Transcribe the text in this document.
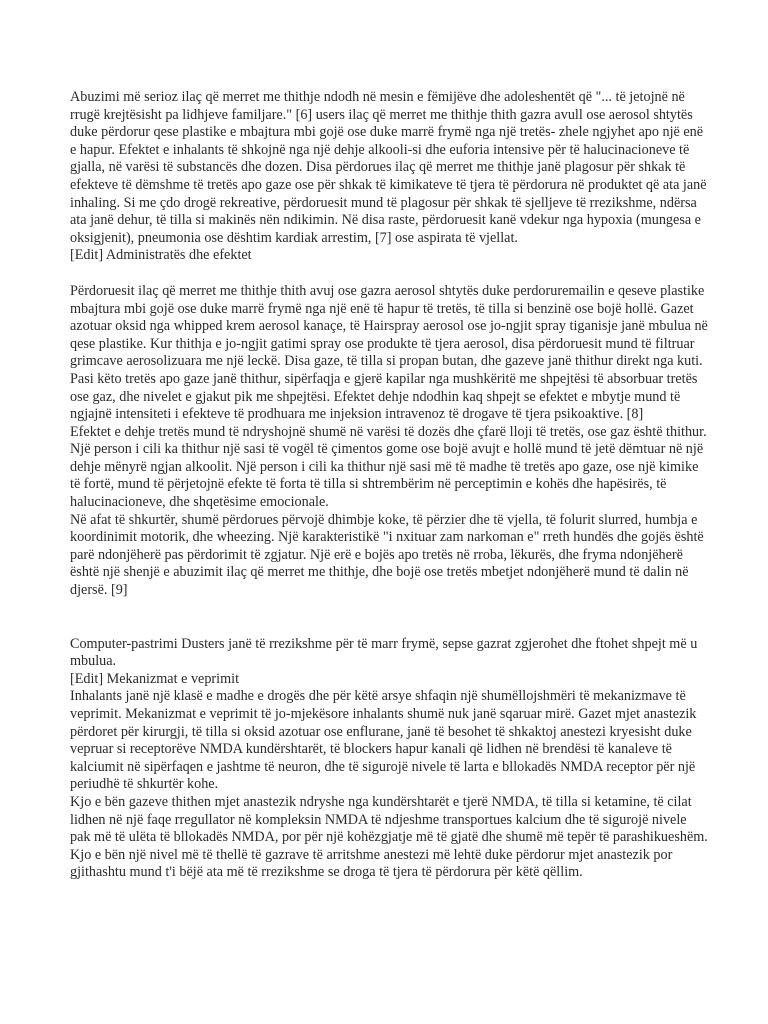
Abuzimi më serioz ilaç që merret me thithje ndodh në mesin e fëmijëve dhe adoleshentët që "... të jetojnë në rrugë krejtësisht pa lidhjeve familjare." [6] users ilaç që merret me thithje thith gazra avull ose aerosol shtytës duke përdorur qese plastike e mbajtura mbi gojë ose duke marrë frymë nga një tretës- zhele ngjyhet apo një enë e hapur. Efektet e inhalants të shkojnë nga një dehje alkooli-si dhe euforia intensive për të halucinacioneve të gjalla, në varësi të substancës dhe dozen. Disa përdorues ilaç që merret me thithje janë plagosur për shkak të efekteve të dëmshme të tretës apo gaze ose për shkak të kimikateve të tjera të përdorura në produktet që ata janë inhaling. Si me çdo drogë rekreative, përdoruesit mund të plagosur për shkak të sjelljeve të rrezikshme, ndërsa ata janë dehur, të tilla si makinës nën ndikimin. Në disa raste, përdoruesit kanë vdekur nga hypoxia (mungesa e oksigjenit), pneumonia ose dështim kardiak arrestim, [7] ose aspirata të vjellat.

[Edit] Administratës dhe efektet

Përdoruesit ilaç që merret me thithje thith avuj ose gazra aerosol shtytës duke perdoruremailin e qeseve plastike mbajtura mbi gojë ose duke marrë frymë nga një enë të hapur të tretës, të tilla si benzinë ose bojë hollë. Gazet azotuar oksid nga whipped krem aerosol kanaçe, të Hairspray aerosol ose jo-ngjit spray tiganisje janë mbulua në qese plastike. Kur thithja e jo-ngjit gatimi spray ose produkte të tjera aerosol, disa përdoruesit mund të filtruar grimcave aerosolizuara me një leckë. Disa gaze, të tilla si propan butan, dhe gazeve janë thithur direkt nga kuti. Pasi këto tretës apo gaze janë thithur, sipërfaqja e gjerë kapilar nga mushkëritë me shpejtësi të absorbuar tretës ose gaz, dhe nivelet e gjakut pik me shpejtësi. Efektet dehje ndodhin kaq shpejt se efektet e mbytje mund të ngjajnë intensiteti i efekteve të prodhuara me injeksion intravenoz të drogave të tjera psikoaktive. [8]

Efektet e dehje tretës mund të ndryshojnë shumë në varësi të dozës dhe çfarë lloji të tretës, ose gaz është thithur. Një person i cili ka thithur një sasi të vogël të çimentos gome ose bojë avujt e hollë mund të jetë dëmtuar në një dehje mënyrë ngjan alkoolit. Një person i cili ka thithur një sasi më të madhe të tretës apo gaze, ose një kimike të fortë, mund të përjetojnë efekte të forta të tilla si shtrembërim në perceptimin e kohës dhe hapësirës, të halucinacioneve, dhe shqetësime emocionale.

Në afat të shkurtër, shumë përdorues përvojë dhimbje koke, të përzier dhe të vjella, të folurit slurred, humbja e koordinimit motorik, dhe wheezing. Një karakteristikë "i nxituar zam narkoman e" rreth hundës dhe gojës është parë ndonjëherë pas përdorimit të zgjatur. Një erë e bojës apo tretës në rroba, lëkurës, dhe fryma ndonjëherë është një shenjë e abuzimit ilaç që merret me thithje, dhe bojë ose tretës mbetjet ndonjëherë mund të dalin në djersë. [9]

Computer-pastrimi Dusters janë të rrezikshme për të marr frymë, sepse gazrat zgjerohet dhe ftohet shpejt më u mbulua.

[Edit] Mekanizmat e veprimit

Inhalants janë një klasë e madhe e drogës dhe për këtë arsye shfaqin një shumëllojshmëri të mekanizmave të veprimit. Mekanizmat e veprimit të jo-mjekësore inhalants shumë nuk janë sqaruar mirë. Gazet mjet anastezik përdoret për kirurgji, të tilla si oksid azotuar ose enflurane, janë të besohet të shkaktoj anestezi kryesisht duke vepruar si receptorëve NMDA kundërshtarët, të blockers hapur kanali që lidhen në brendësi të kanaleve të kalciumit në sipërfaqen e jashtme të neuron, dhe të sigurojë nivele të larta e bllokadës NMDA receptor për një periudhë të shkurtër kohe.

Kjo e bën gazeve thithen mjet anastezik ndryshe nga kundërshtarët e tjerë NMDA, të tilla si ketamine, të cilat lidhen në një faqe rregullator në kompleksin NMDA të ndjeshme transportues kalcium dhe të sigurojë nivele pak më të ulëta të bllokadës NMDA, por për një kohëzgjatje më të gjatë dhe shumë më tepër të parashikueshëm. Kjo e bën një nivel më të thellë të gazrave të arritshme anestezi më lehtë duke përdorur mjet anastezik por gjithashtu mund t'i bëjë ata më të rrezikshme se droga të tjera të përdorura për këtë qëllim.
